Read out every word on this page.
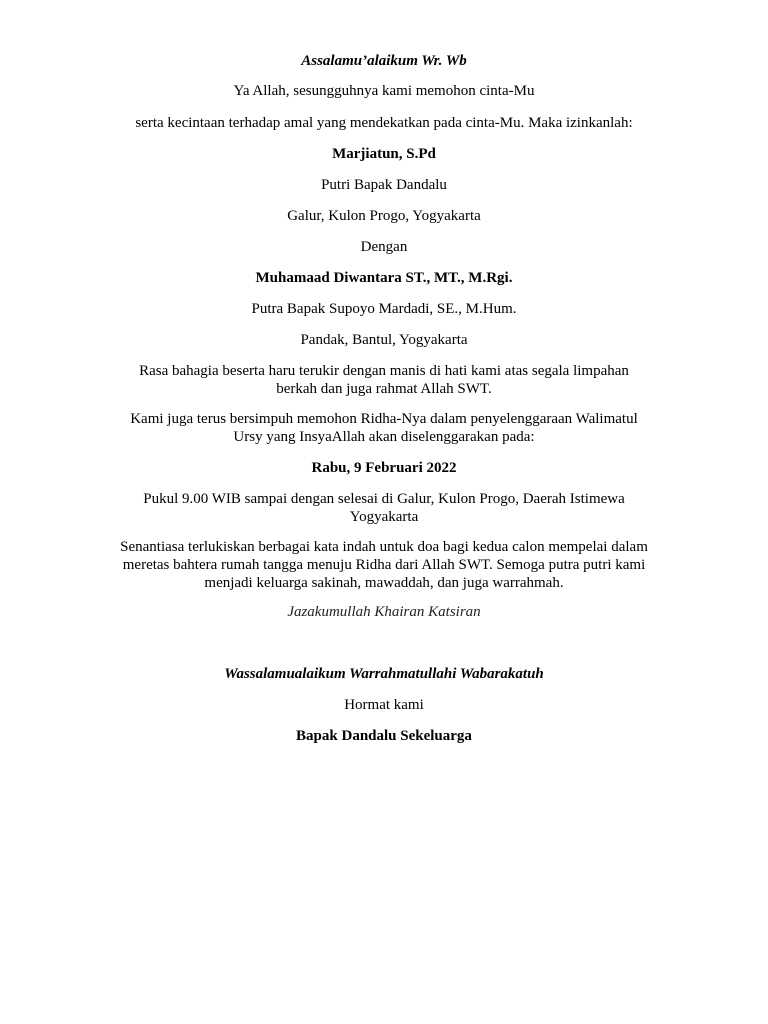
Assalamu’alaikum Wr. Wb

Ya Allah, sesungguhnya kami memohon cinta-Mu

serta kecintaan terhadap amal yang mendekatkan pada cinta-Mu. Maka izinkanlah:

Marjiatun, S.Pd

Putri Bapak Dandalu

Galur, Kulon Progo, Yogyakarta

Dengan

Muhamaad Diwantara ST., MT., M.Rgi.

Putra Bapak Supoyo Mardadi, SE., M.Hum.

Pandak, Bantul, Yogyakarta

Rasa bahagia beserta haru terukir dengan manis di hati kami atas segala limpahan

berkah dan juga rahmat Allah SWT.

Kami juga terus bersimpuh memohon Ridha-Nya dalam penyelenggaraan Walimatul

Ursy yang InsyaAllah akan diselenggarakan pada:

Rabu, 9 Februari 2022

Pukul 9.00 WIB sampai dengan selesai di Galur, Kulon Progo, Daerah Istimewa

Yogyakarta

Senantiasa terlukiskan berbagai kata indah untuk doa bagi kedua calon mempelai dalam

meretas bahtera rumah tangga menuju Ridha dari Allah SWT. Semoga putra putri kami

menjadi keluarga sakinah, mawaddah, dan juga warrahmah.

Jazakumullah Khairan Katsiran

Wassalamualaikum Warrahmatullahi Wabarakatuh

Hormat kami

Bapak Dandalu Sekeluarga
